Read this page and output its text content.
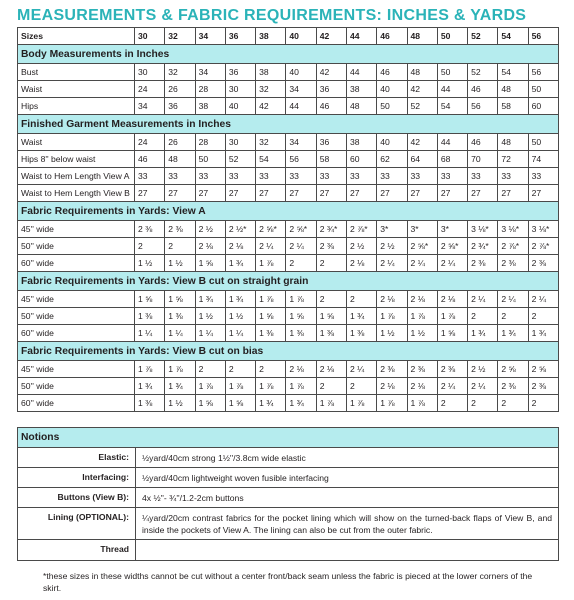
MEASUREMENTS & FABRIC REQUIREMENTS: INCHES & YARDS
Sizes	30	32	34	36	38	40	42	44	46	48	50	52	54	56
Body Measurements in Inches														
Bust	30	32	34	36	38	40	42	44	46	48	50	52	54	56
Waist	24	26	28	30	32	34	36	38	40	42	44	46	48	50
Hips	34	36	38	40	42	44	46	48	50	52	54	56	58	60
Finished Garment Measurements in Inches														
Waist	24	26	28	30	32	34	36	38	40	42	44	46	48	50
Hips 8'' below waist	46	48	50	52	54	56	58	60	62	64	68	70	72	74
Waist to Hem Length View A	33	33	33	33	33	33	33	33	33	33	33	33	33	33
Waist to Hem Length View B	27	27	27	27	27	27	27	27	27	27	27	27	27	27
Fabric Requirements in Yards: View A														
45'' wide	2 ⅜	2 ⅜	2 ½	2 ½*	2 ⅝*	2 ⅝*	2 ¾*	2 ⅞*	3*	3*	3*	3 ⅛*	3 ⅛*	3 ⅛*
50'' wide	2	2	2 ⅛	2 ⅛	2 ¼	2 ¼	2 ⅜	2 ½	2 ½	2 ⅝*	2 ⅝*	2 ¾*	2 ⅞*	2 ⅞*
60'' wide	1 ½	1 ½	1 ⅝	1 ¾	1 ⅞	2	2	2 ⅛	2 ¼	2 ¼	2 ¼	2 ⅜	2 ⅜	2 ⅜
Fabric Requirements in Yards: View B cut on straight grain														
45'' wide	1 ⅝	1 ⅝	1 ¾	1 ¾	1 ⅞	1 ⅞	2	2	2 ⅛	2 ⅛	2 ⅛	2 ¼	2 ¼	2 ¼
50'' wide	1 ⅜	1 ⅜	1 ½	1 ½	1 ⅝	1 ⅝	1 ⅝	1 ¾	1 ⅞	1 ⅞	1 ⅞	2	2	2
60'' wide	1 ¼	1 ¼	1 ¼	1 ¼	1 ⅜	1 ⅜	1 ⅜	1 ⅜	1 ½	1 ½	1 ⅝	1 ¾	1 ¾	1 ¾
Fabric Requirements in Yards: View B cut on bias														
45'' wide	1 ⅞	1 ⅞	2	2	2	2 ⅛	2 ⅛	2 ¼	2 ⅜	2 ⅜	2 ⅜	2 ½	2 ⅝	2 ⅝
50'' wide	1 ¾	1 ¾	1 ⅞	1 ⅞	1 ⅞	1 ⅞	2	2	2 ⅛	2 ⅛	2 ¼	2 ¼	2 ⅜	2 ⅜
60'' wide	1 ⅜	1 ½	1 ⅝	1 ⅝	1 ¾	1 ¾	1 ⅞	1 ⅞	1 ⅞	1 ⅞	2	2	2	2
Notions	
Elastic:	½yard/40cm strong 1½''/3.8cm wide elastic
Interfacing:	½yard/40cm lightweight woven fusible interfacing
Buttons (View B):	4x ½''- ¾''/1.2-2cm buttons
Lining (OPTIONAL):	¼yard/20cm contrast fabrics for the pocket lining which will show on the turned-back flaps of View B, and inside the pockets of View A. The lining can also be cut from the outer fabric.
Thread	

*these sizes in these widths cannot be cut without a center front/back seam unless the fabric is pieced at the lower corners of the skirt.
